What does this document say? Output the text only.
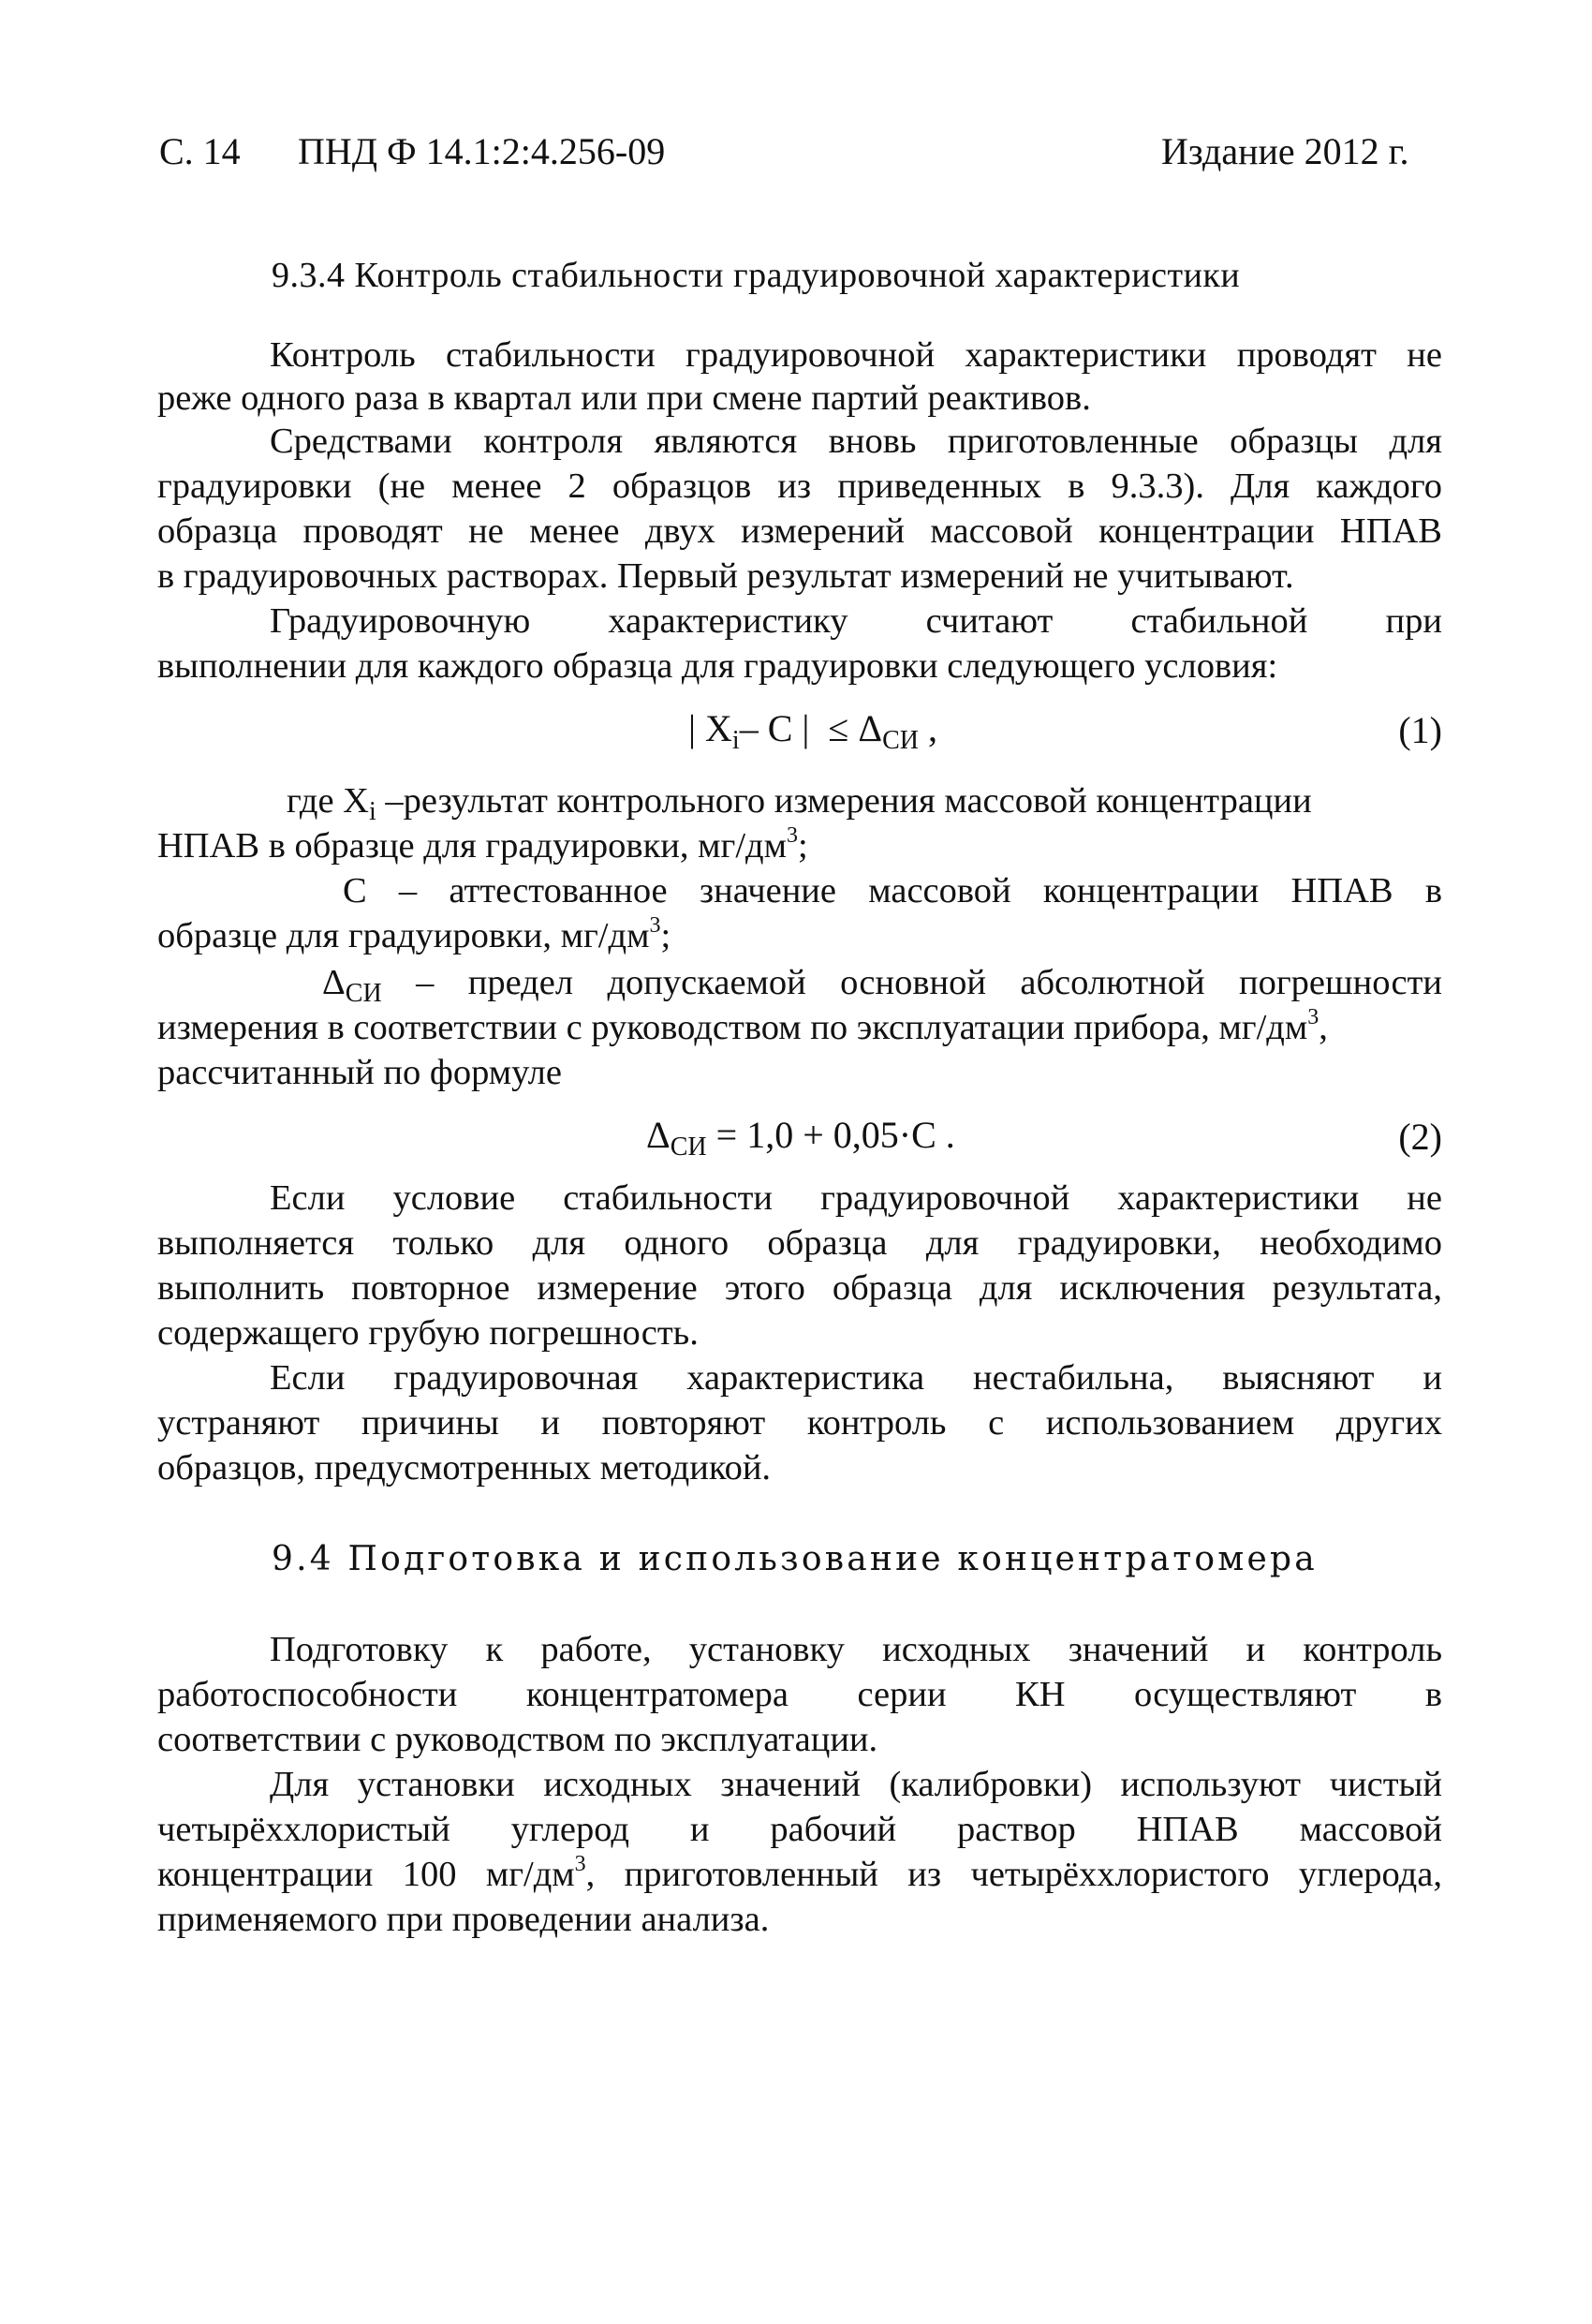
С. 14 ПНД Ф 14.1:2:4.256-09	Издание 2012 г.
9.3.4 Контроль стабильности градуировочной характеристики
Контроль стабильности градуировочной характеристики проводят не
реже одного раза в квартал или при смене партий реактивов.
Средствами контроля являются вновь приготовленные образцы для
градуировки (не менее 2 образцов из приведенных в 9.3.3). Для каждого
образца проводят не менее двух измерений массовой концентрации НПАВ
в градуировочных растворах. Первый результат измерений не учитывают.
Градуировочную характеристику считают стабильной при
выполнении для каждого образца для градуировки следующего условия:
| $X_i-$ C | ≤ $\Delta_{СИ}$ ,	(1)
где $X_i$ –результат контрольного измерения массовой концентрации
НПАВ в образце для градуировки, $мг/дм^3$;
С – аттестованное значение массовой концентрации НПАВ в
образце для градуировки, $мг/дм^3$;
$\Delta_{СИ}$ – предел допускаемой основной абсолютной погрешности
измерения в соответствии с руководством по эксплуатации прибора, $мг/дм^3$,
рассчитанный по формуле
$\Delta_{СИ} = 1,0 + 0,05\cdot C$ .	(2)
Если условие стабильности градуировочной характеристики не
выполняется только для одного образца для градуировки, необходимо
выполнить повторное измерение этого образца для исключения результата,
содержащего грубую погрешность.
Если градуировочная характеристика нестабильна, выясняют и
устраняют причины и повторяют контроль с использованием других
образцов, предусмотренных методикой.
9.4 Подготовка и использование концентратомера
Подготовку к работе, установку исходных значений и контроль
работоспособности концентратомера серии КН осуществляют в
соответствии с руководством по эксплуатации.
Для установки исходных значений (калибровки) используют чистый
четырёххлористый углерод и рабочий раствор НПАВ массовой
концентрации 100 $мг/дм^3$, приготовленный из четырёххлористого углерода,
применяемого при проведении анализа.
